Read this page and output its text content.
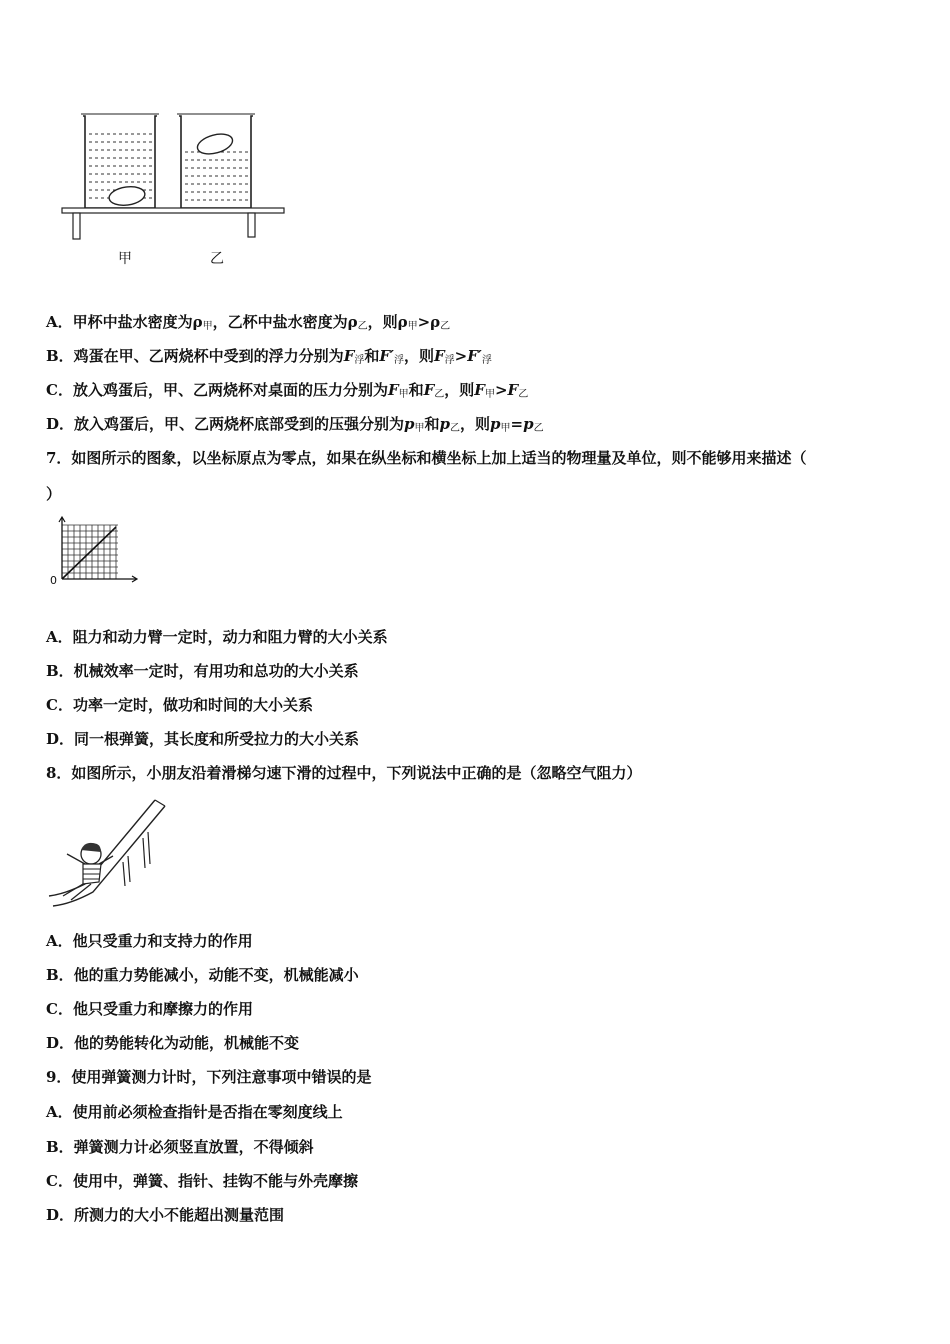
甲	乙
A．甲杯中盐水密度为$\rho_甲$，乙杯中盐水密度为$\rho_乙$，则$\rho_甲>\rho_乙$
B．鸡蛋在甲、乙两烧杯中受到的浮力分别为$F_浮$和$F'_浮$，则$F_浮>F'_浮$
C．放入鸡蛋后，甲、乙两烧杯对桌面的压力分别为$F_甲$和$F_乙$，则$F_甲>F_乙$
D．放入鸡蛋后，甲、乙两烧杯底部受到的压强分别为$p_甲$和$p_乙$，则$p_甲=p_乙$
7．如图所示的图象，以坐标原点为零点，如果在纵坐标和横坐标上加上适当的物理量及单位，则不能够用来描述（
）
0
A．阻力和动力臂一定时，动力和阻力臂的大小关系
B．机械效率一定时，有用功和总功的大小关系
C．功率一定时，做功和时间的大小关系
D．同一根弹簧，其长度和所受拉力的大小关系
8．如图所示，小朋友沿着滑梯匀速下滑的过程中，下列说法中正确的是（忽略空气阻力）
A．他只受重力和支持力的作用
B．他的重力势能减小，动能不变，机械能减小
C．他只受重力和摩擦力的作用
D．他的势能转化为动能，机械能不变
9．使用弹簧测力计时，下列注意事项中错误的是
A．使用前必须检查指针是否指在零刻度线上
B．弹簧测力计必须竖直放置，不得倾斜
C．使用中，弹簧、指针、挂钩不能与外壳摩擦
D．所测力的大小不能超出测量范围
